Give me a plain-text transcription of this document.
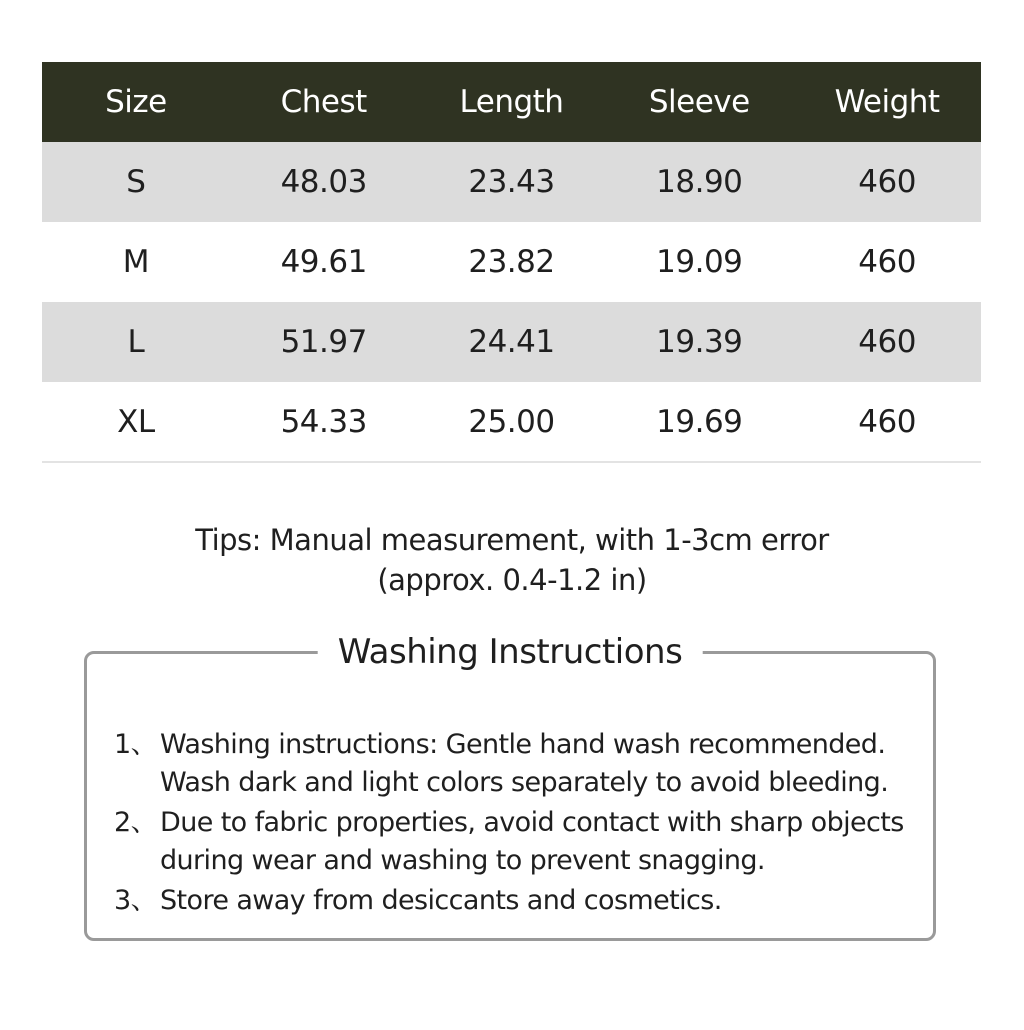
Size	Chest	Length	Sleeve	Weight
S	48.03	23.43	18.90	460
M	49.61	23.82	19.09	460
L	51.97	24.41	19.39	460
XL	54.33	25.00	19.69	460
Tips: Manual measurement, with 1-3cm error
(approx. 0.4-1.2 in)
Washing Instructions
1、 Washing instructions: Gentle hand wash recommended. Wash dark and light colors separately to avoid bleeding.
2、 Due to fabric properties, avoid contact with sharp objects during wear and washing to prevent snagging.
3、 Store away from desiccants and cosmetics.
